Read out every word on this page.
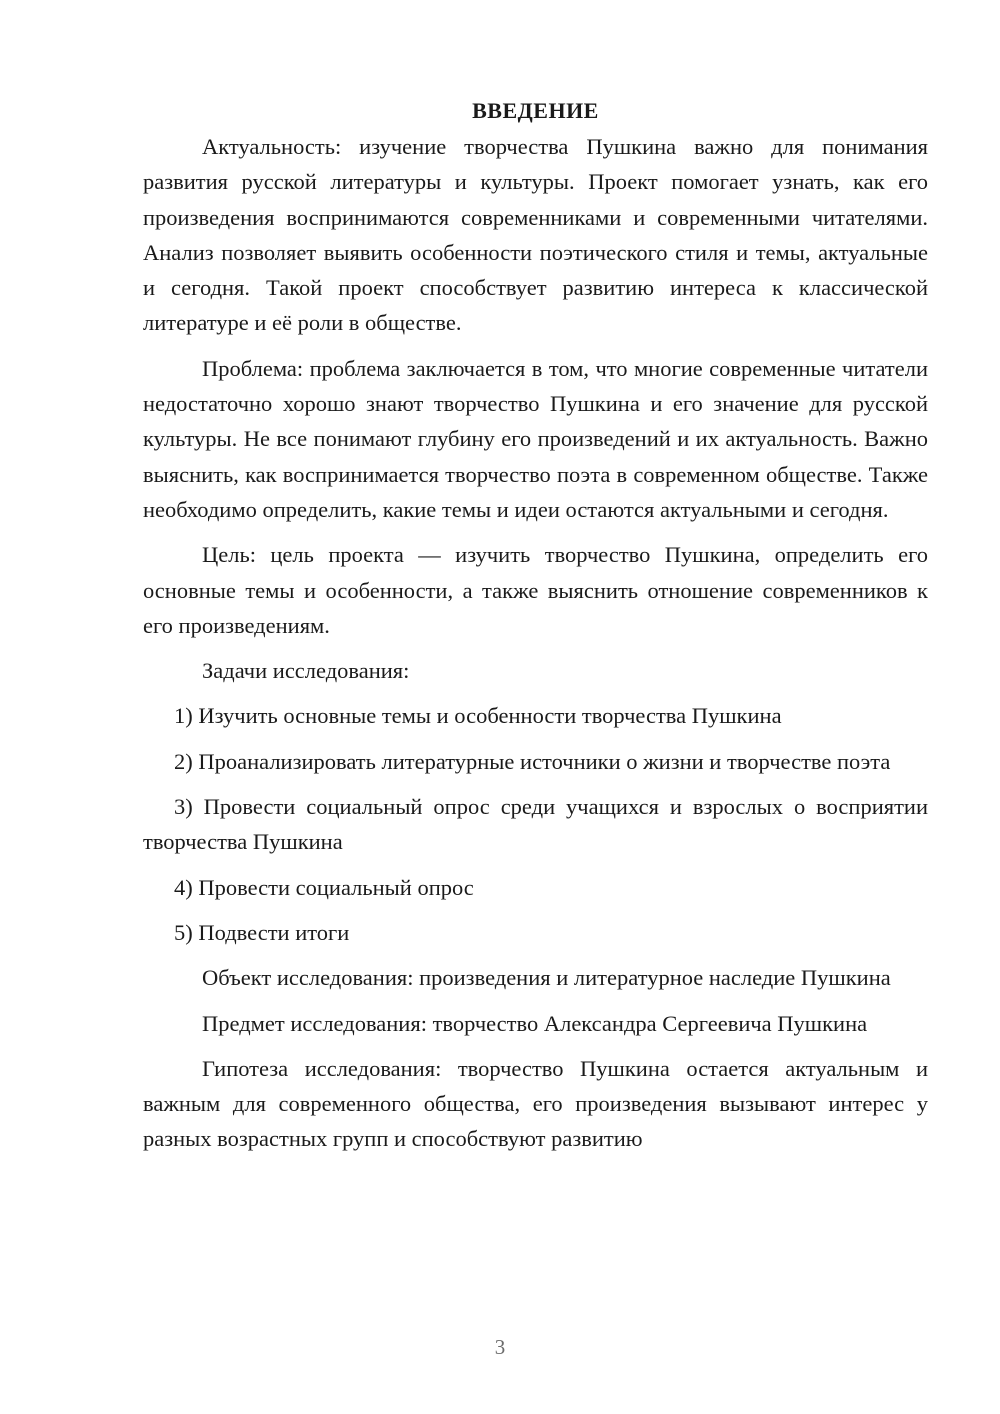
ВВЕДЕНИЕ

Актуальность: изучение творчества Пушкина важно для понимания развития русской литературы и культуры. Проект помогает узнать, как его произведения воспринимаются современниками и современными читателями. Анализ позволяет выявить особенности поэтического стиля и темы, актуальные и сегодня. Такой проект способствует развитию интереса к классической литературе и её роли в обществе.

Проблема: проблема заключается в том, что многие современные читатели недостаточно хорошо знают творчество Пушкина и его значение для русской культуры. Не все понимают глубину его произведений и их актуальность. Важно выяснить, как воспринимается творчество поэта в современном обществе. Также необходимо определить, какие темы и идеи остаются актуальными и сегодня.

Цель: цель проекта — изучить творчество Пушкина, определить его основные темы и особенности, а также выяснить отношение современников к его произведениям.

Задачи исследования:

1) Изучить основные темы и особенности творчества Пушкина

2) Проанализировать литературные источники о жизни и творчестве поэта

3) Провести социальный опрос среди учащихся и взрослых о восприятии творчества Пушкина

4) Провести социальный опрос

5) Подвести итоги

Объект исследования: произведения и литературное наследие Пушкина

Предмет исследования: творчество Александра Сергеевича Пушкина

Гипотеза исследования: творчество Пушкина остается актуальным и важным для современного общества, его произведения вызывают интерес у разных возрастных групп и способствуют развитию

3
